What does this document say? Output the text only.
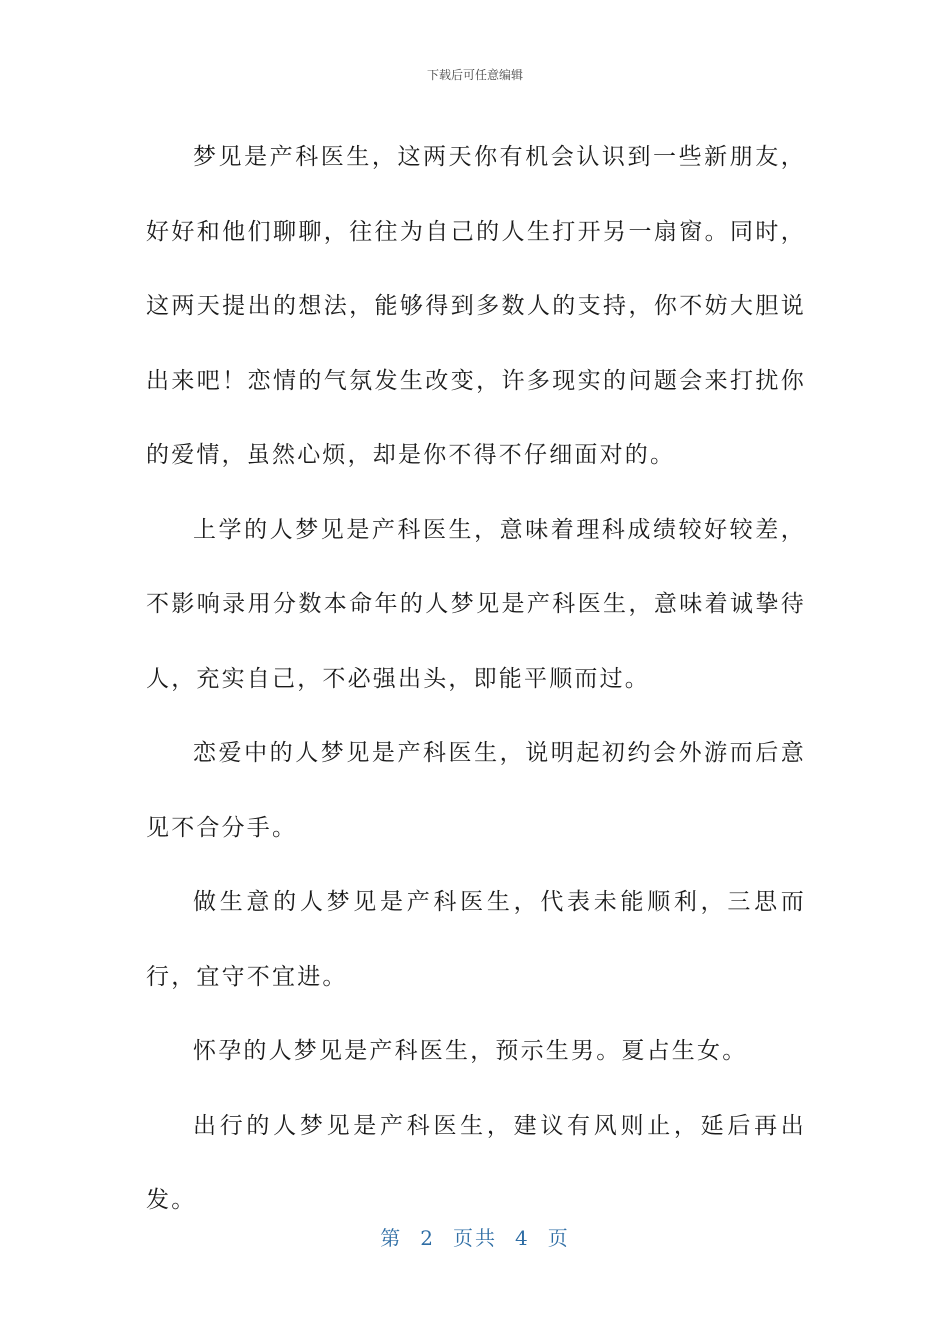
下载后可任意编辑

梦见是产科医生，这两天你有机会认识到一些新朋友，好好和他们聊聊，往往为自己的人生打开另一扇窗。同时，这两天提出的想法，能够得到多数人的支持，你不妨大胆说出来吧！恋情的气氛发生改变，许多现实的问题会来打扰你的爱情，虽然心烦，却是你不得不仔细面对的。

上学的人梦见是产科医生，意味着理科成绩较好较差，不影响录用分数本命年的人梦见是产科医生，意味着诚挚待人，充实自己，不必强出头，即能平顺而过。

恋爱中的人梦见是产科医生，说明起初约会外游而后意见不合分手。

做生意的人梦见是产科医生，代表未能顺利，三思而行，宜守不宜进。

怀孕的人梦见是产科医生，预示生男。夏占生女。

出行的人梦见是产科医生，建议有风则止，延后再出发。

第 2 页共 4 页
